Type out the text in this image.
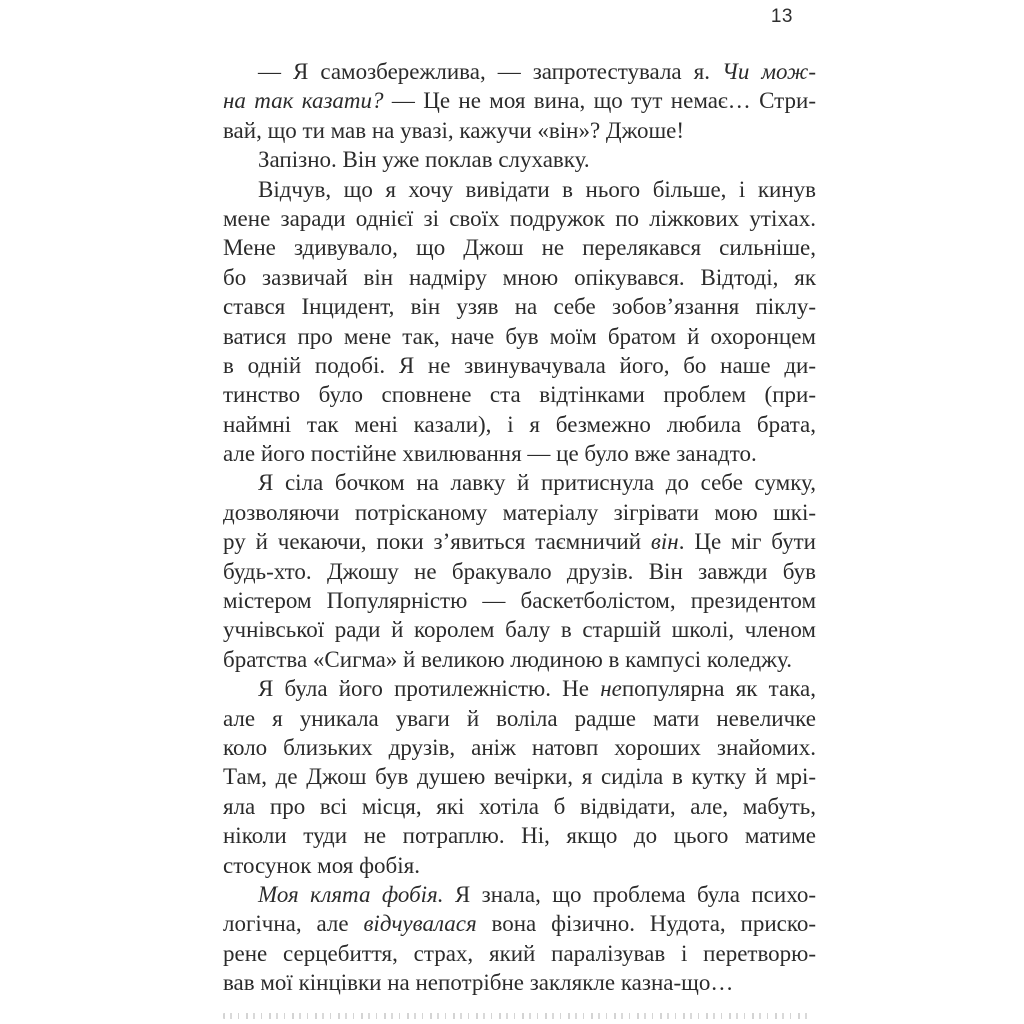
13
— Я самозбережлива, — запротестувала я. Чи мож-
на так казати? — Це не моя вина, що тут немає… Стри-
вай, що ти мав на увазі, кажучи «він»? Джоше!
Запізно. Він уже поклав слухавку.
Відчув, що я хочу вивідати в нього більше, і кинув
мене заради однієї зі своїх подружок по ліжкових утіхах.
Мене здивувало, що Джош не перелякався сильніше,
бо зазвичай він надміру мною опікувався. Відтоді, як
стався Інцидент, він узяв на себе зобов’язання піклу-
ватися про мене так, наче був моїм братом й охоронцем
в одній подобі. Я не звинувачувала його, бо наше ди-
тинство було сповнене ста відтінками проблем (при-
наймні так мені казали), і я безмежно любила брата,
але його постійне хвилювання — це було вже занадто.
Я сіла бочком на лавку й притиснула до себе сумку,
дозволяючи потрісканому матеріалу зігрівати мою шкі-
ру й чекаючи, поки з’явиться таємничий він. Це міг бути
будь-хто. Джошу не бракувало друзів. Він завжди був
містером Популярністю — баскетболістом, президентом
учнівської ради й королем балу в старшій школі, членом
братства «Сигма» й великою людиною в кампусі коледжу.
Я була його протилежністю. Не непопулярна як така,
але я уникала уваги й воліла радше мати невеличке
коло близьких друзів, аніж натовп хороших знайомих.
Там, де Джош був душею вечірки, я сиділа в кутку й мрі-
яла про всі місця, які хотіла б відвідати, але, мабуть,
ніколи туди не потраплю. Ні, якщо до цього матиме
стосунок моя фобія.
Моя клята фобія. Я знала, що проблема була психо-
логічна, але відчувалася вона фізично. Нудота, приско-
рене серцебиття, страх, який паралізував і перетворю-
вав мої кінцівки на непотрібне заклякле казна-що…
